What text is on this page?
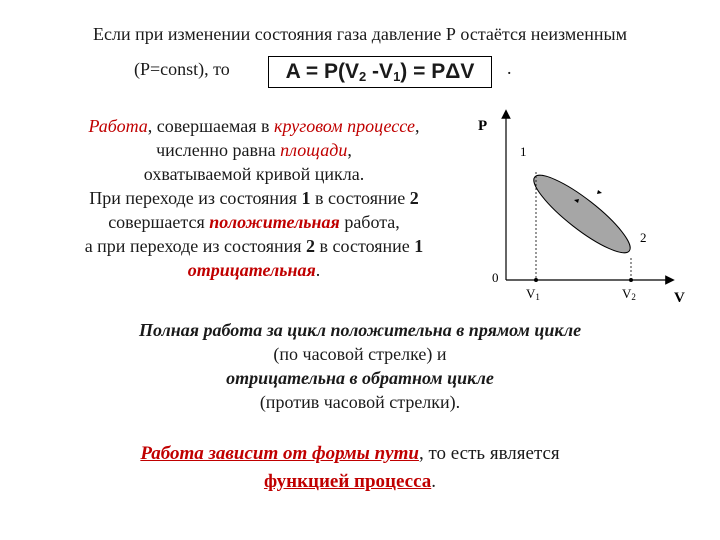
Если при изменении состояния газа давление Р остаётся неизменным
(Р=const), то	$A = P(V_2$ $-V_1) = P\Delta V$	.
Работа, совершаемая в круговом процессе,
численно равна площади,
охватываемой кривой цикла.
При переходе из состояния 1 в состояние 2
совершается положительная работа,
а при переходе из состояния 2 в состояние 1
отрицательная.
P
1
2
0
V1	V2	V
Полная работа за цикл положительна в прямом цикле
(по часовой стрелке) и
отрицательна в обратном цикле
(против часовой стрелки).
Работа зависит от формы пути, то есть является
функцией процесса.
